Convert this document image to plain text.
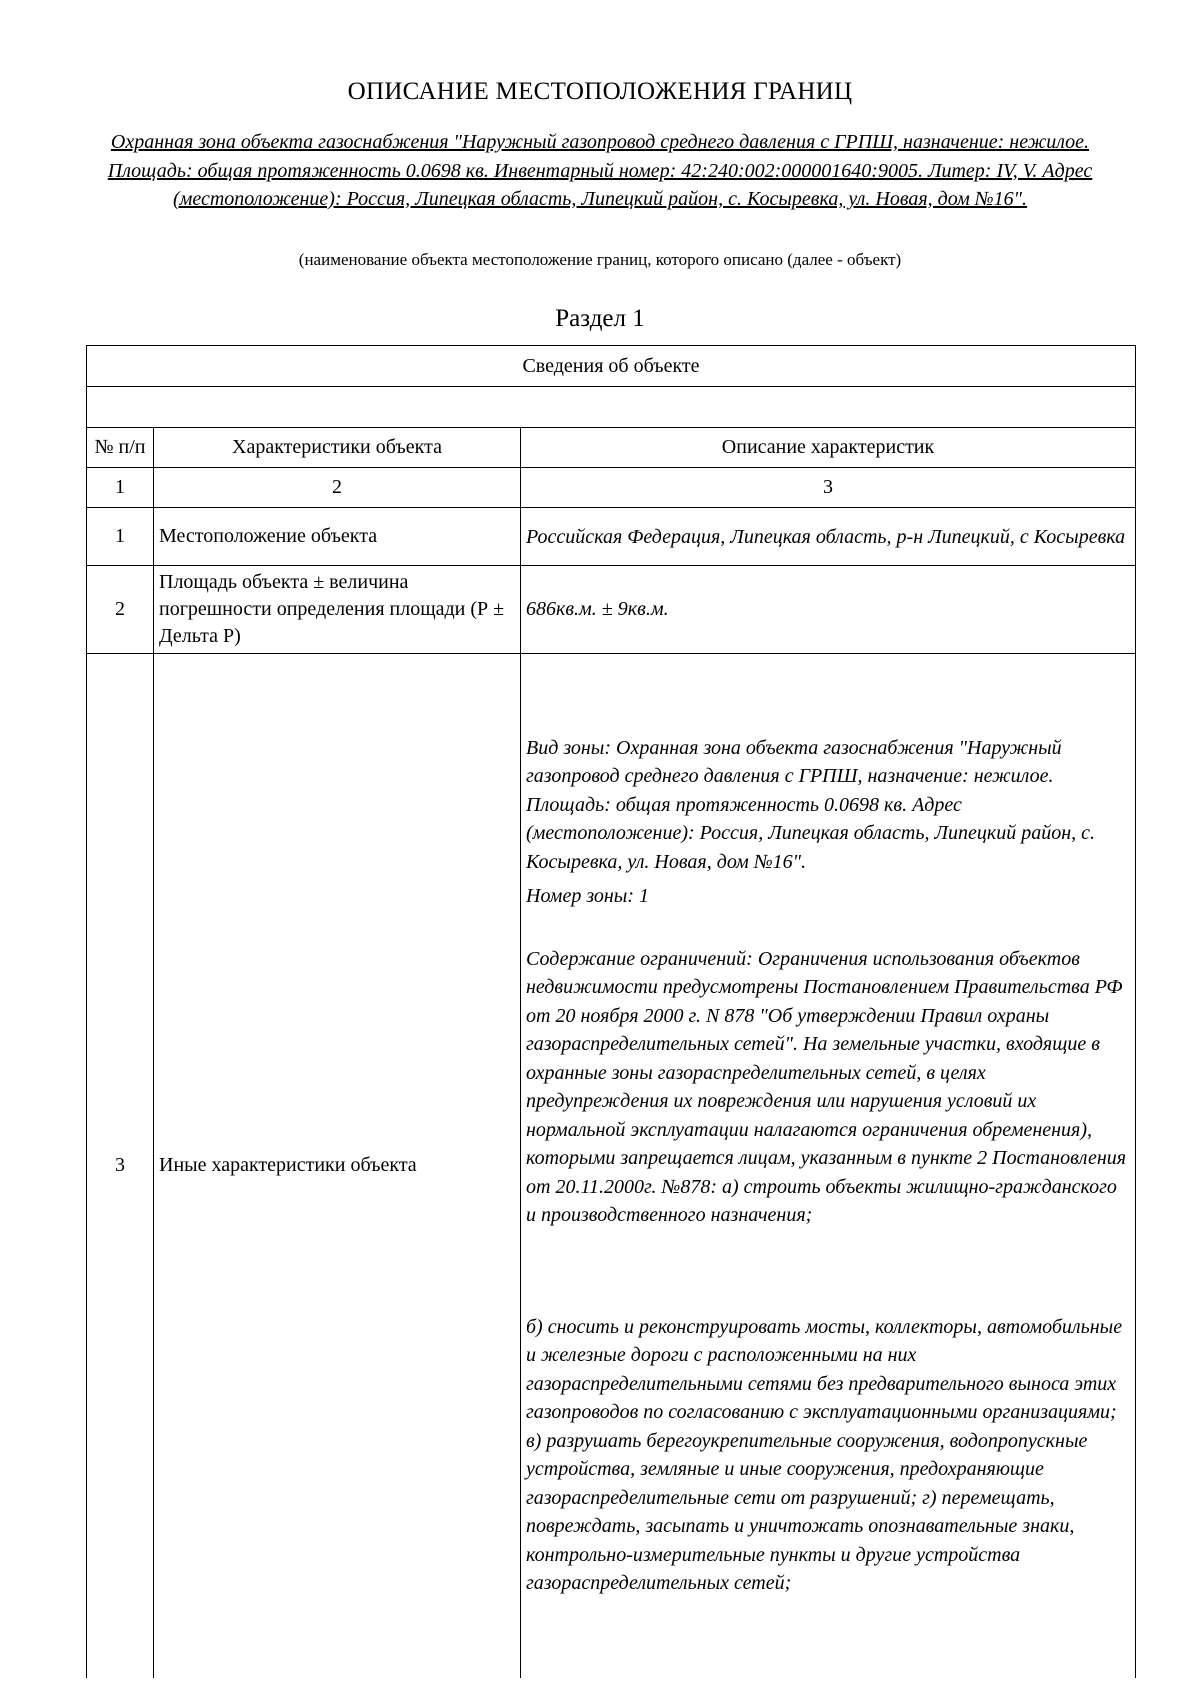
ОПИСАНИЕ МЕСТОПОЛОЖЕНИЯ ГРАНИЦ
Охранная зона объекта газоснабжения "Наружный газопровод среднего давления с ГРПШ, назначение: нежилое. Площадь: общая протяженность 0.0698 кв. Инвентарный номер: 42:240:002:000001640:9005. Литер: IV, V. Адрес (местоположение): Россия, Липецкая область, Липецкий район, с. Косыревка, ул. Новая, дом №16".
(наименование объекта местоположение границ, которого описано (далее - объект)
Раздел 1
Сведения об объекте		

№ п/п	Характеристики объекта	Описание характеристик
1	2	3
1	Местоположение объекта	Российская Федерация, Липецкая область, р-н Липецкий, с Косыревка
2	Площадь объекта ± величина погрешности определения площади (Р ± Дельта Р)	686кв.м. ± 9кв.м.
3	Иные характеристики объекта	Вид зоны: Охранная зона объекта газоснабжения "Наружный газопровод среднего давления с ГРПШ, назначение: нежилое. Площадь: общая протяженность 0.0698 кв. Адрес (местоположение): Россия, Липецкая область, Липецкий район, с. Косыревка, ул. Новая, дом №16".

Номер зоны: 1

Содержание ограничений: Ограничения использования объектов недвижимости предусмотрены Постановлением Правительства РФ от 20 ноября 2000 г. N 878 "Об утверждении Правил охраны газораспределительных сетей". На земельные участки, входящие в охранные зоны газораспределительных сетей, в целях предупреждения их повреждения или нарушения условий их нормальной эксплуатации налагаются ограничения обременения), которыми запрещается лицам, указанным в пункте 2 Постановления от 20.11.2000г. №878: а) строить объекты жилищно-гражданского и производственного назначения;

б) сносить и реконструировать мосты, коллекторы, автомобильные и железные дороги с расположенными на них газораспределительными сетями без предварительного выноса этих газопроводов по согласованию с эксплуатационными организациями; в) разрушать берегоукрепительные сооружения, водопропускные устройства, земляные и иные сооружения, предохраняющие газораспределительные сети от разрушений; г) перемещать, повреждать, засыпать и уничтожать опознавательные знаки, контрольно-измерительные пункты и другие устройства газораспределительных сетей;
